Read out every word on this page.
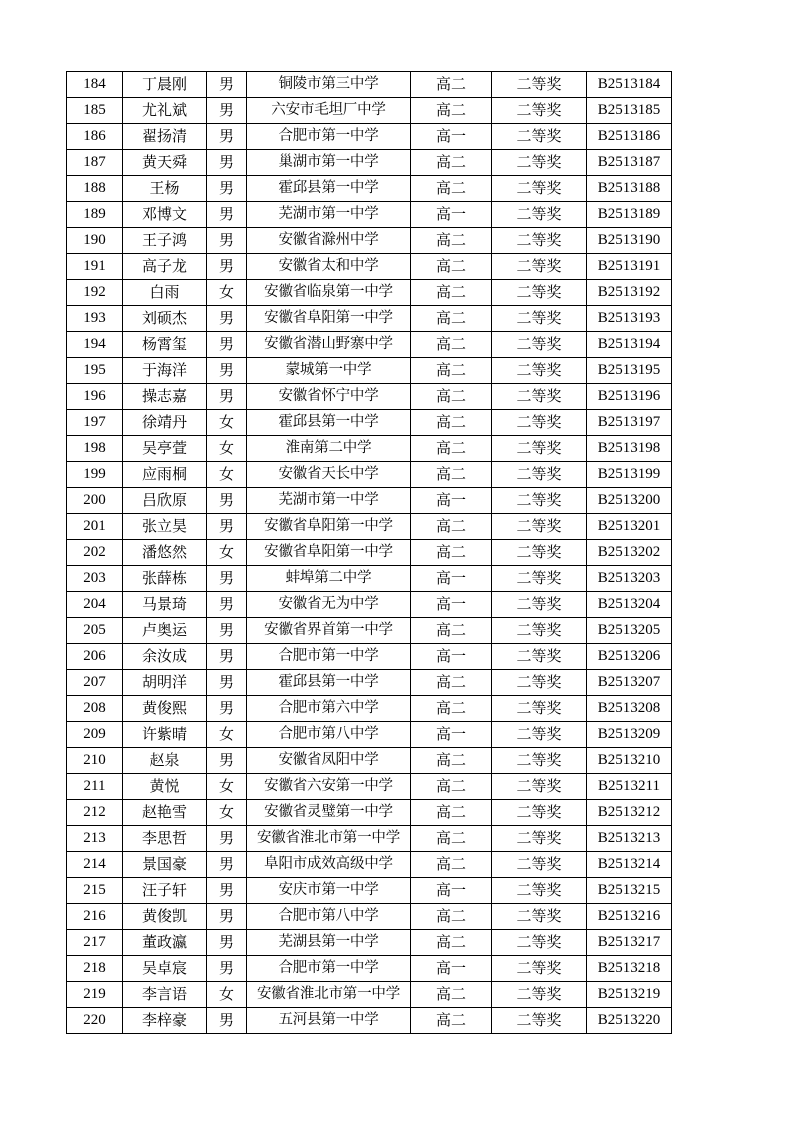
184	丁晨刚	男	铜陵市第三中学	高二	二等奖	B2513184
185	尤礼斌	男	六安市毛坦厂中学	高二	二等奖	B2513185
186	翟扬清	男	合肥市第一中学	高一	二等奖	B2513186
187	黄天舜	男	巢湖市第一中学	高二	二等奖	B2513187
188	王杨	男	霍邱县第一中学	高二	二等奖	B2513188
189	邓博文	男	芜湖市第一中学	高一	二等奖	B2513189
190	王子鸿	男	安徽省滁州中学	高二	二等奖	B2513190
191	高子龙	男	安徽省太和中学	高二	二等奖	B2513191
192	白雨	女	安徽省临泉第一中学	高二	二等奖	B2513192
193	刘硕杰	男	安徽省阜阳第一中学	高二	二等奖	B2513193
194	杨霄玺	男	安徽省潜山野寨中学	高二	二等奖	B2513194
195	于海洋	男	蒙城第一中学	高二	二等奖	B2513195
196	操志嘉	男	安徽省怀宁中学	高二	二等奖	B2513196
197	徐靖丹	女	霍邱县第一中学	高二	二等奖	B2513197
198	吴亭萱	女	淮南第二中学	高二	二等奖	B2513198
199	应雨桐	女	安徽省天长中学	高二	二等奖	B2513199
200	吕欣原	男	芜湖市第一中学	高一	二等奖	B2513200
201	张立昊	男	安徽省阜阳第一中学	高二	二等奖	B2513201
202	潘悠然	女	安徽省阜阳第一中学	高二	二等奖	B2513202
203	张薛栋	男	蚌埠第二中学	高一	二等奖	B2513203
204	马景琦	男	安徽省无为中学	高一	二等奖	B2513204
205	卢奥运	男	安徽省界首第一中学	高二	二等奖	B2513205
206	余汝成	男	合肥市第一中学	高一	二等奖	B2513206
207	胡明洋	男	霍邱县第一中学	高二	二等奖	B2513207
208	黄俊熙	男	合肥市第六中学	高二	二等奖	B2513208
209	许紫晴	女	合肥市第八中学	高一	二等奖	B2513209
210	赵泉	男	安徽省凤阳中学	高二	二等奖	B2513210
211	黄悦	女	安徽省六安第一中学	高二	二等奖	B2513211
212	赵艳雪	女	安徽省灵璧第一中学	高二	二等奖	B2513212
213	李思哲	男	安徽省淮北市第一中学	高二	二等奖	B2513213
214	景国豪	男	阜阳市成效高级中学	高二	二等奖	B2513214
215	汪子轩	男	安庆市第一中学	高一	二等奖	B2513215
216	黄俊凯	男	合肥市第八中学	高二	二等奖	B2513216
217	董政瀛	男	芜湖县第一中学	高二	二等奖	B2513217
218	吴卓宸	男	合肥市第一中学	高一	二等奖	B2513218
219	李言语	女	安徽省淮北市第一中学	高二	二等奖	B2513219
220	李梓豪	男	五河县第一中学	高二	二等奖	B2513220
